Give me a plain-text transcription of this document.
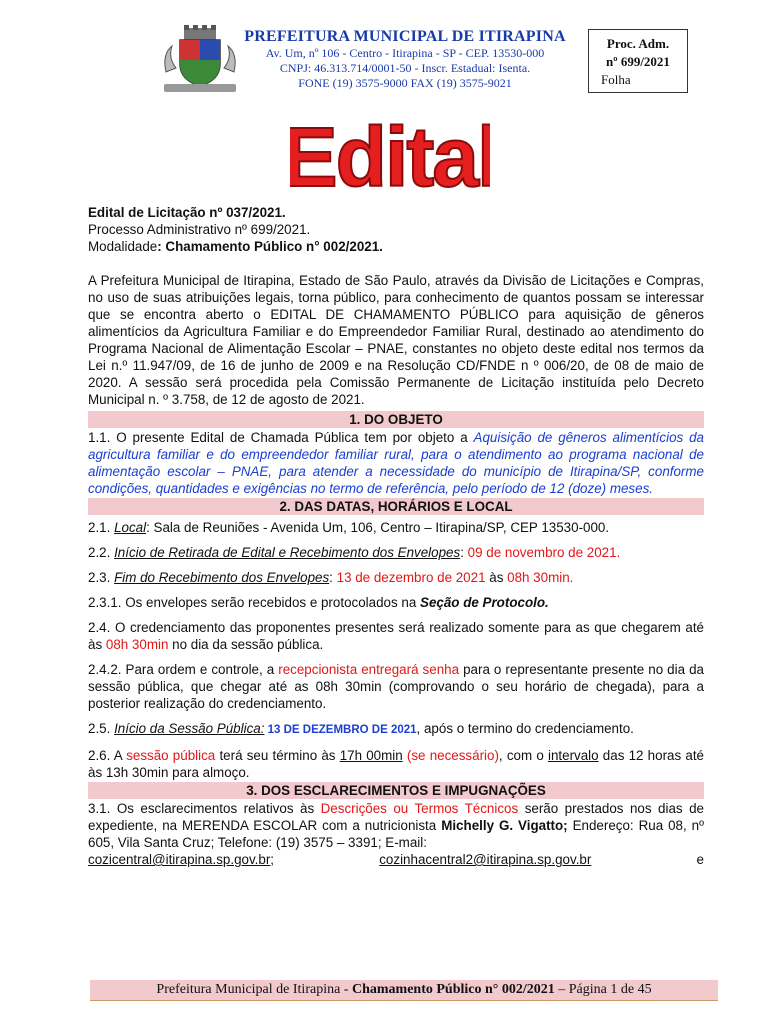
PREFEITURA MUNICIPAL DE ITIRAPINA
Av. Um, nº 106 - Centro - Itirapina - SP - CEP. 13530-000
CNPJ: 46.313.714/0001-50 - Inscr. Estadual: Isenta.
FONE (19) 3575-9000 FAX (19) 3575-9021
Proc. Adm.
nº 699/2021
Folha
Edital

Edital de Licitação nº 037/2021.

Processo Administrativo nº 699/2021.

Modalidade: Chamamento Público n° 002/2021.

A Prefeitura Municipal de Itirapina, Estado de São Paulo, através da Divisão de Licitações e Compras, no uso de suas atribuições legais, torna público, para conhecimento de quantos possam se interessar que se encontra aberto o EDITAL DE CHAMAMENTO PÚBLICO para aquisição de gêneros alimentícios da Agricultura Familiar e do Empreendedor Familiar Rural, destinado ao atendimento do Programa Nacional de Alimentação Escolar – PNAE, constantes no objeto deste edital nos termos da Lei n.º 11.947/09, de 16 de junho de 2009 e na Resolução CD/FNDE n º 006/20, de 08 de maio de 2020. A sessão será procedida pela Comissão Permanente de Licitação instituída pelo Decreto Municipal n. º 3.758, de 12 de agosto de 2021.

1. DO OBJETO

1.1. O presente Edital de Chamada Pública tem por objeto a Aquisição de gêneros alimentícios da agricultura familiar e do empreendedor familiar rural, para o atendimento ao programa nacional de alimentação escolar – PNAE, para atender a necessidade do município de Itirapina/SP, conforme condições, quantidades e exigências no termo de referência, pelo período de 12 (doze) meses.

2. DAS DATAS, HORÁRIOS E LOCAL

2.1. Local: Sala de Reuniões - Avenida Um, 106, Centro – Itirapina/SP, CEP 13530-000.

2.2. Início de Retirada de Edital e Recebimento dos Envelopes: 09 de novembro de 2021.

2.3. Fim do Recebimento dos Envelopes: 13 de dezembro de 2021 às 08h 30min.

2.3.1. Os envelopes serão recebidos e protocolados na Seção de Protocolo.

2.4. O credenciamento das proponentes presentes será realizado somente para as que chegarem até às 08h 30min no dia da sessão pública.

2.4.2. Para ordem e controle, a recepcionista entregará senha para o representante presente no dia da sessão pública, que chegar até as 08h 30min (comprovando o seu horário de chegada), para a posterior realização do credenciamento.

2.5. Início da Sessão Pública: 13 DE DEZEMBRO DE 2021, após o termino do credenciamento.

2.6. A sessão pública terá seu término às 17h 00min (se necessário), com o intervalo das 12 horas até às 13h 30min para almoço.

3. DOS ESCLARECIMENTOS E IMPUGNAÇÕES

3.1. Os esclarecimentos relativos às Descrições ou Termos Técnicos serão prestados nos dias de expediente, na MERENDA ESCOLAR com a nutricionista Michelly G. Vigatto; Endereço: Rua 08, nº 605, Vila Santa Cruz; Telefone: (19) 3575 – 3391; E-mail:

cozicentral@itirapina.sp.gov.br;	cozinhacentral2@itirapina.sp.gov.br	e

Prefeitura Municipal de Itirapina - Chamamento Público n° 002/2021 – Página 1 de 45
